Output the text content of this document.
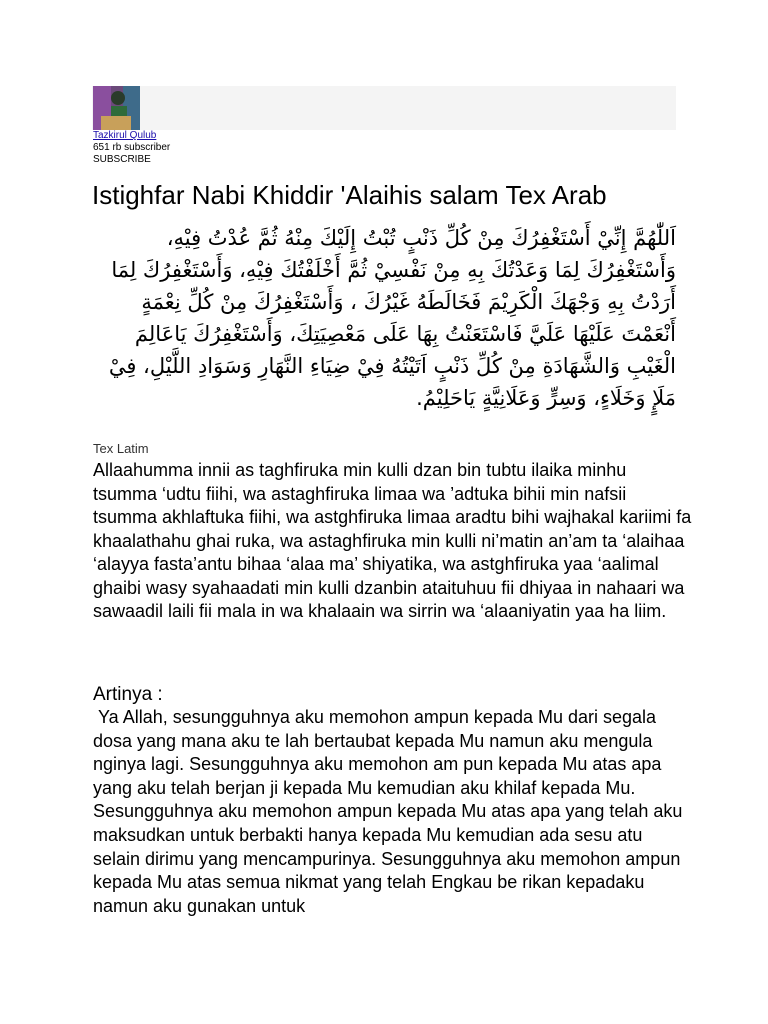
Tazkirul Qulub
651 rb subscriber
SUBSCRIBE
Istighfar Nabi Khiddir 'Alaihis salam Tex Arab

اَللّٰهُمَّ إِنِّيْ أَسْتَغْفِرُكَ مِنْ كُلِّ ذَنْبٍ تُبْتُ إِلَيْكَ مِنْهُ ثُمَّ عُدْتُ فِيْهِ، وَأَسْتَغْفِرُكَ لِمَا وَعَدْتُكَ بِهِ مِنْ نَفْسِيْ ثُمَّ أَخْلَفْتُكَ فِيْهِ، وَأَسْتَغْفِرُكَ لِمَا أَرَدْتُ بِهِ وَجْهَكَ الْكَرِيْمَ فَخَالَطَهُ غَيْرُكَ ، وَأَسْتَغْفِرُكَ مِنْ كُلِّ نِعْمَةٍ أَنْعَمْتَ عَلَيْهَا عَلَيَّ فَاسْتَعَنْتُ بِهَا عَلَى مَعْصِيَتِكَ، وَأَسْتَغْفِرُكَ يَاعَالِمَ الْغَيْبِ وَالشَّهَادَةِ مِنْ كُلِّ ذَنْبٍ اَتَيْتُهُ فِيْ ضِيَاءِ النَّهَارِ وَسَوَادِ اللَّيْلِ، فِيْ مَلَإٍ وَخَلَاءٍ، وَسِرٍّ وَعَلَانِيَّةٍ يَاحَلِيْمُ.

Tex Latim

Allaahumma innii as taghfiruka min kulli dzan bin tubtu ilaika minhu tsumma ‘udtu fiihi, wa astaghfiruka limaa wa ’adtuka bihii min nafsii tsumma akhlaftuka fiihi, wa astghfiruka limaa aradtu bihi wajhakal kariimi fa khaalathahu ghai ruka, wa astaghfiruka min kulli ni’matin an’am ta ‘alaihaa ‘alayya fasta’antu bihaa ‘alaa ma’ shiyatika, wa astghfiruka yaa ‘aalimal ghaibi wasy syahaadati min kulli dzanbin ataituhuu fii dhiyaa in nahaari wa sawaadil laili fii mala in wa khalaain wa sirrin wa ‘alaaniyatin yaa ha liim.

Artinya :

Ya Allah, sesungguhnya aku memohon ampun kepada Mu dari segala dosa yang mana aku te lah bertaubat kepada Mu namun aku mengula nginya lagi. Sesungguhnya aku memohon am pun kepada Mu atas apa yang aku telah berjan ji kepada Mu kemudian aku khilaf kepada Mu. Sesungguhnya aku memohon ampun kepada Mu atas apa yang telah aku maksudkan untuk berbakti hanya kepada Mu kemudian ada sesu atu selain dirimu yang mencampurinya. Sesungguhnya aku memohon ampun kepada Mu atas semua nikmat yang telah Engkau be rikan kepadaku namun aku gunakan untuk
